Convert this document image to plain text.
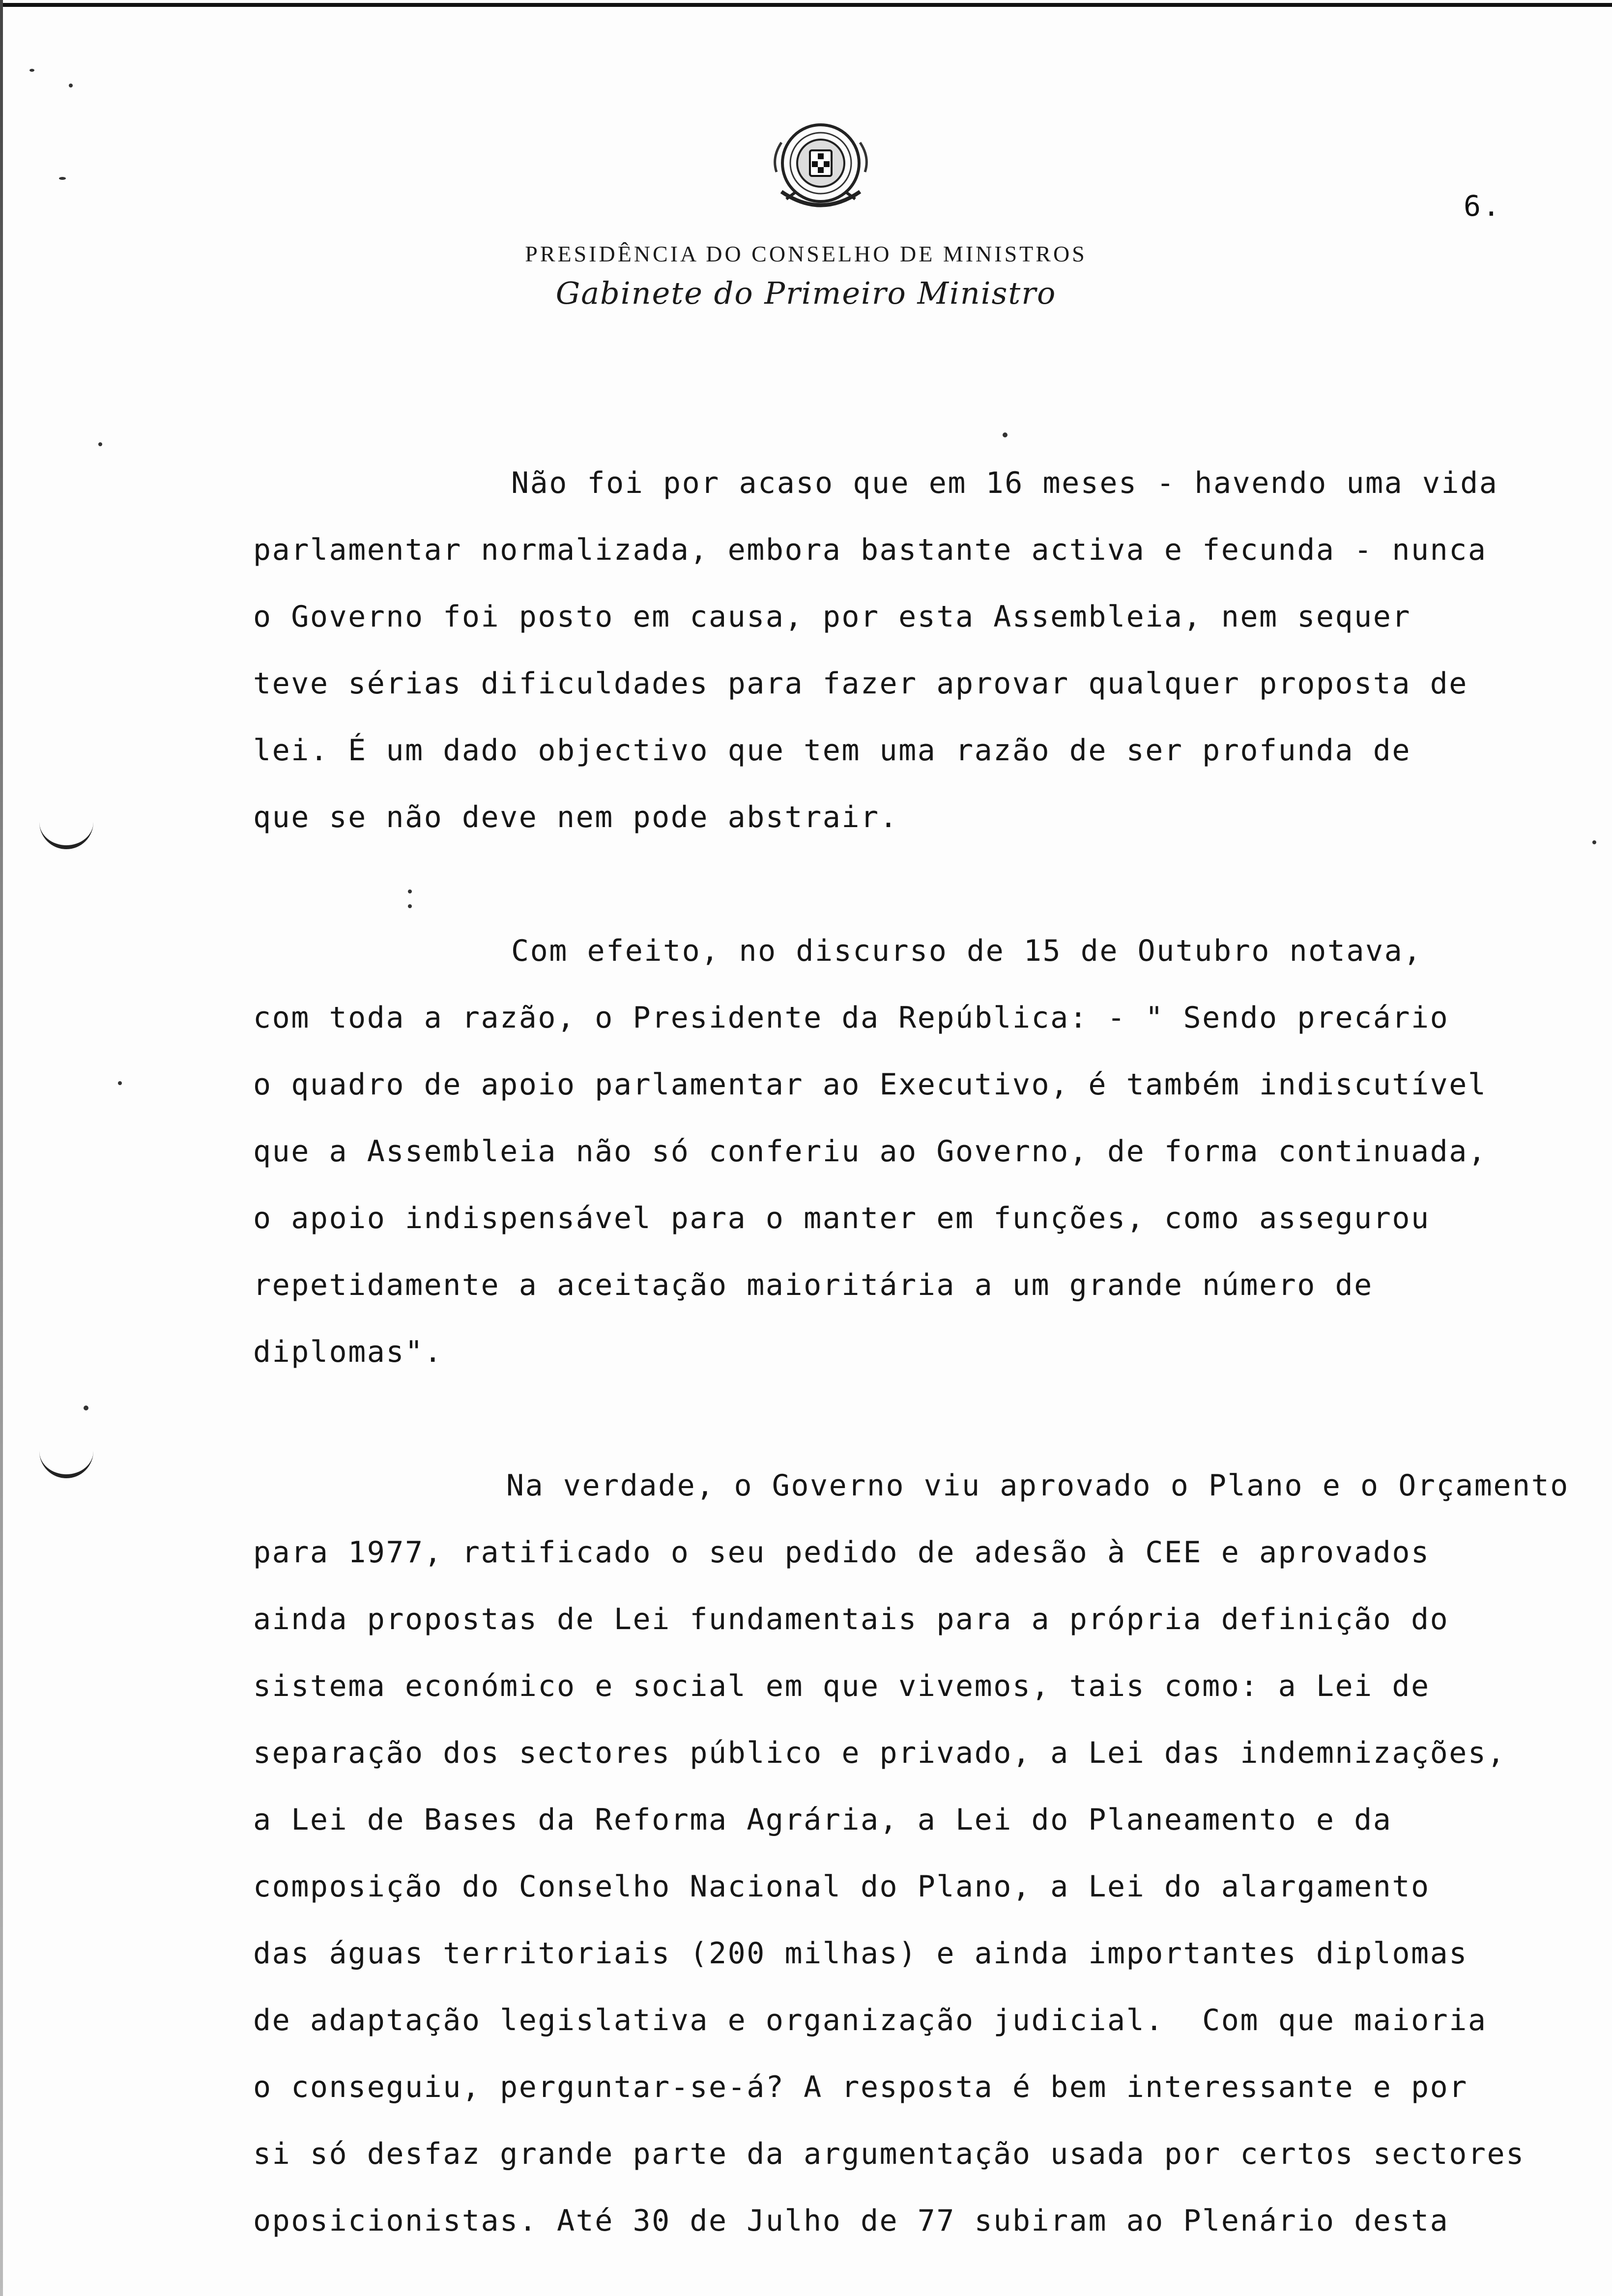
6.
PRESIDÊNCIA DO CONSELHO DE MINISTROS
Gabinete do Primeiro Ministro
Não foi por acaso que em 16 meses - havendo uma vida
parlamentar normalizada, embora bastante activa e fecunda - nunca
o Governo foi posto em causa, por esta Assembleia, nem sequer
teve sérias dificuldades para fazer aprovar qualquer proposta de
lei. É um dado objectivo que tem uma razão de ser profunda de
que se não deve nem pode abstrair.
Com efeito, no discurso de 15 de Outubro notava,
com toda a razão, o Presidente da República: - " Sendo precário
o quadro de apoio parlamentar ao Executivo, é também indiscutível
que a Assembleia não só conferiu ao Governo, de forma continuada,
o apoio indispensável para o manter em funções, como assegurou
repetidamente a aceitação maioritária a um grande número de
diplomas".
Na verdade, o Governo viu aprovado o Plano e o Orçamento
para 1977, ratificado o seu pedido de adesão à CEE e aprovados
ainda propostas de Lei fundamentais para a própria definição do
sistema económico e social em que vivemos, tais como: a Lei de
separação dos sectores público e privado, a Lei das indemnizações,
a Lei de Bases da Reforma Agrária, a Lei do Planeamento e da
composição do Conselho Nacional do Plano, a Lei do alargamento
das águas territoriais (200 milhas) e ainda importantes diplomas
de adaptação legislativa e organização judicial.  Com que maioria
o conseguiu, perguntar-se-á? A resposta é bem interessante e por
si só desfaz grande parte da argumentação usada por certos sectores
oposicionistas. Até 30 de Julho de 77 subiram ao Plenário desta
